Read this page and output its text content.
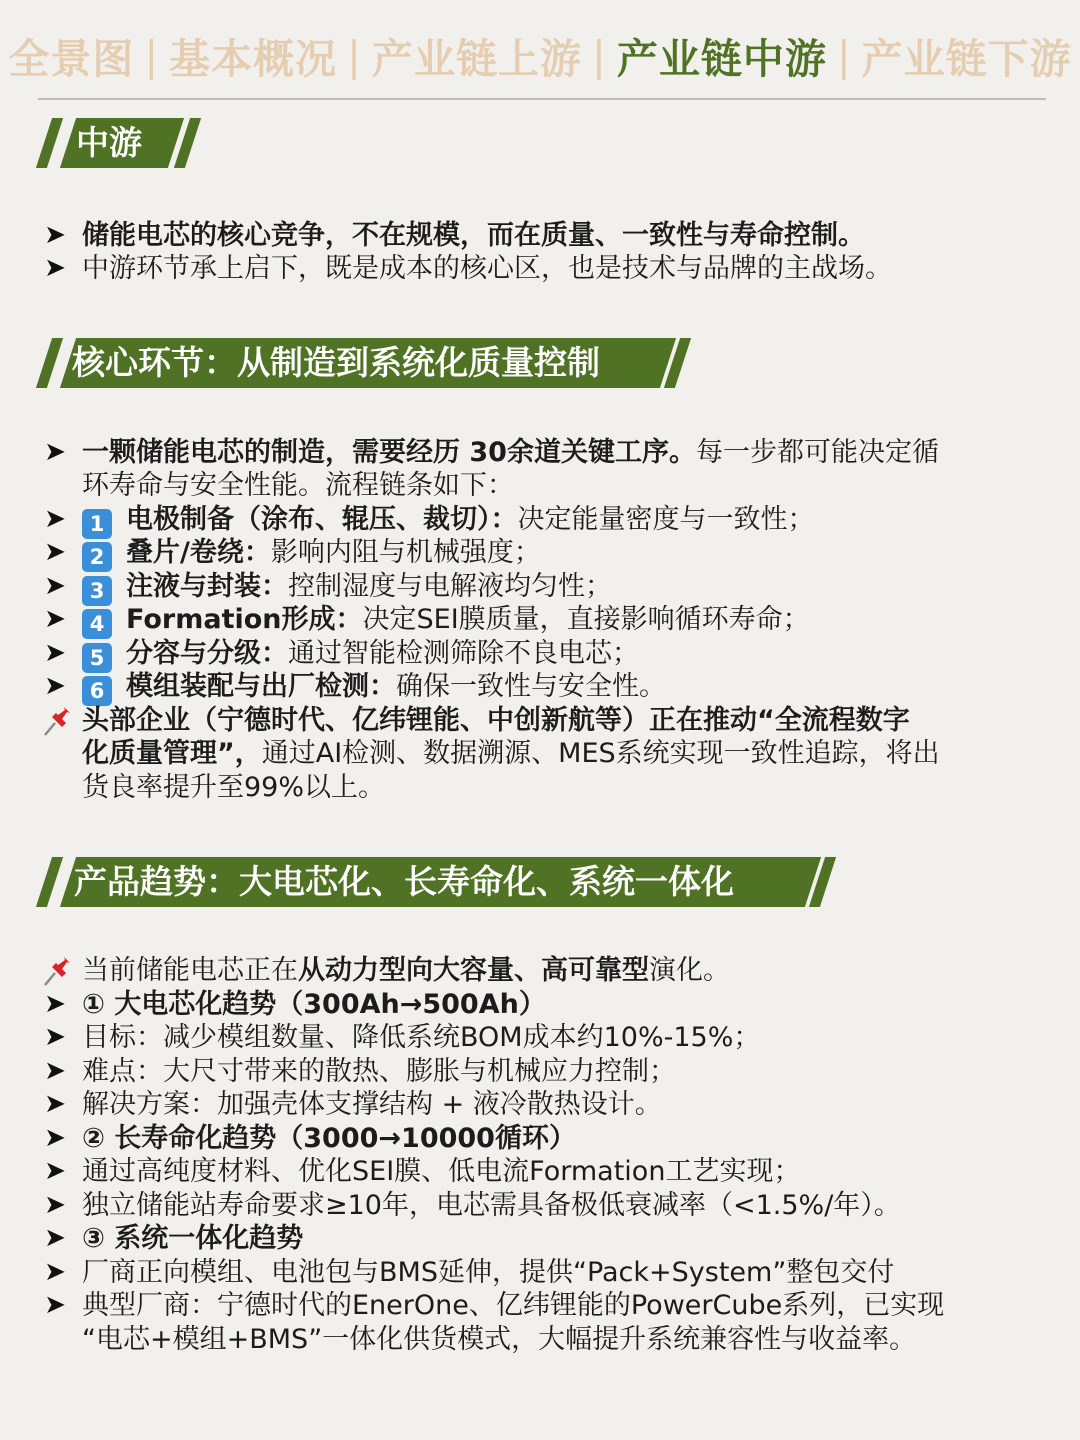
全景图 | 基本概况 | 产业链上游 | 产业链中游 | 产业链下游
中游
➤ 储能电芯的核心竞争，不在规模，而在质量、一致性与寿命控制。
➤ 中游环节承上启下，既是成本的核心区，也是技术与品牌的主战场。
核心环节：从制造到系统化质量控制
➤ 一颗储能电芯的制造，需要经历 30余道关键工序。每一步都可能决定循
环寿命与安全性能。流程链条如下：
➤	1 电极制备（涂布、辊压、裁切）：决定能量密度与一致性；
➤	2 叠片/卷绕：影响内阻与机械强度；
➤	3 注液与封装：控制湿度与电解液均匀性；
➤	4 Formation形成：决定SEI膜质量，直接影响循环寿命；
➤	5 分容与分级：通过智能检测筛除不良电芯；
➤	6 模组装配与出厂检测：确保一致性与安全性。
头部企业（宁德时代、亿纬锂能、中创新航等）正在推动“全流程数字
化质量管理”，通过AI检测、数据溯源、MES系统实现一致性追踪，将出
货良率提升至99%以上。
产品趋势：大电芯化、长寿命化、系统一体化
当前储能电芯正在从动力型向大容量、高可靠型演化。
➤ ① 大电芯化趋势（300Ah→500Ah）
➤ 目标：减少模组数量、降低系统BOM成本约10%-15%；
➤ 难点：大尺寸带来的散热、膨胀与机械应力控制；
➤ 解决方案：加强壳体支撑结构 + 液冷散热设计。
➤ ② 长寿命化趋势（3000→10000循环）
➤ 通过高纯度材料、优化SEI膜、低电流Formation工艺实现；
➤ 独立储能站寿命要求≥10年，电芯需具备极低衰减率（<1.5%/年）。
➤ ③ 系统一体化趋势
➤ 厂商正向模组、电池包与BMS延伸，提供“Pack+System”整包交付
➤ 典型厂商：宁德时代的EnerOne、亿纬锂能的PowerCube系列，已实现
“电芯+模组+BMS”一体化供货模式，大幅提升系统兼容性与收益率。
